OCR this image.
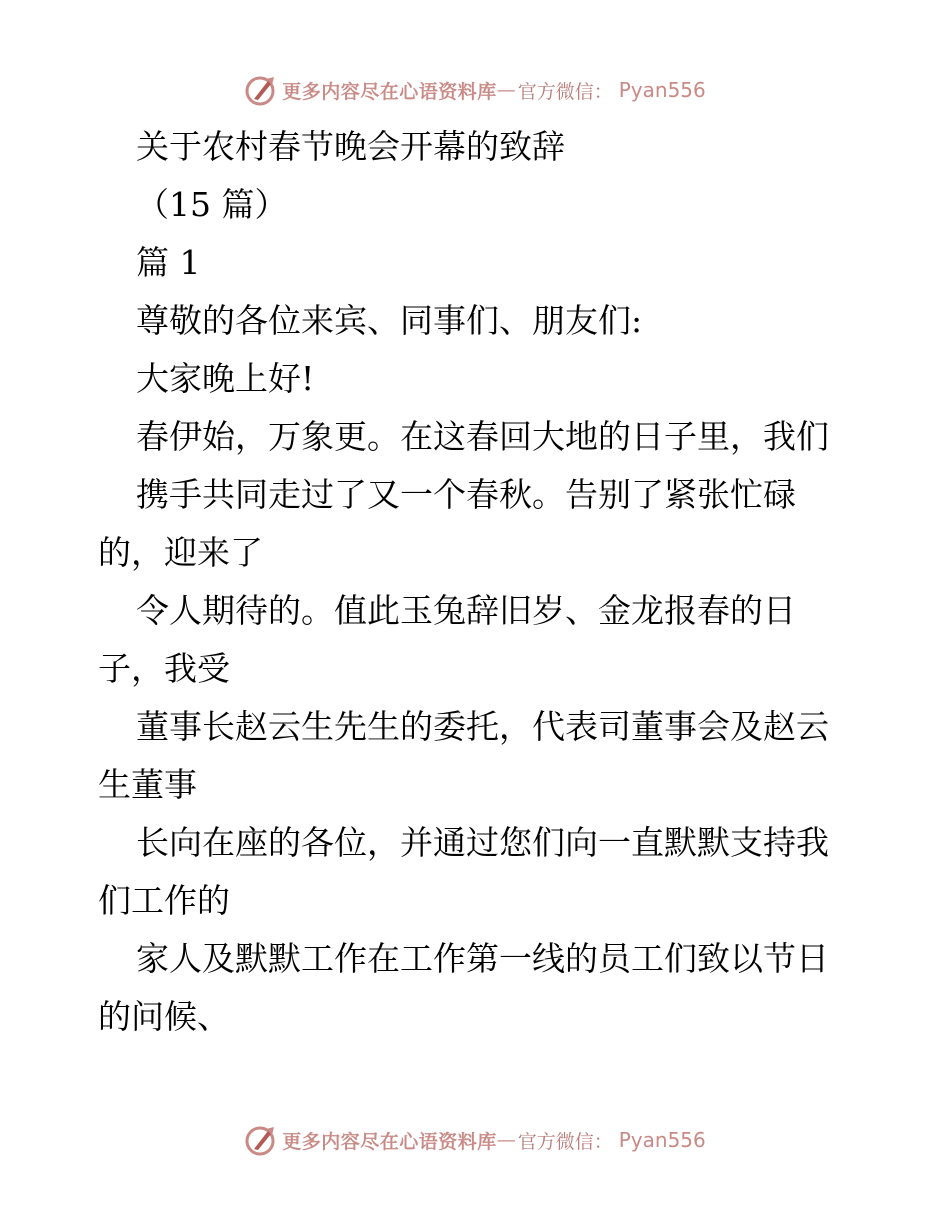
更多内容尽在心语资料库 — 官方微信： Pyan556
关于农村春节晚会开幕的致辞
（15 篇）
篇 1
尊敬的各位来宾、同事们、朋友们:
大家晚上好!
春伊始，万象更。在这春回大地的日子里，我们
携手共同走过了又一个春秋。告别了紧张忙碌
的，迎来了
令人期待的。值此玉兔辞旧岁、金龙报春的日
子，我受
董事长赵云生先生的委托，代表司董事会及赵云
生董事
长向在座的各位，并通过您们向一直默默支持我
们工作的
家人及默默工作在工作第一线的员工们致以节日
的问候、
更多内容尽在心语资料库 — 官方微信： Pyan556
